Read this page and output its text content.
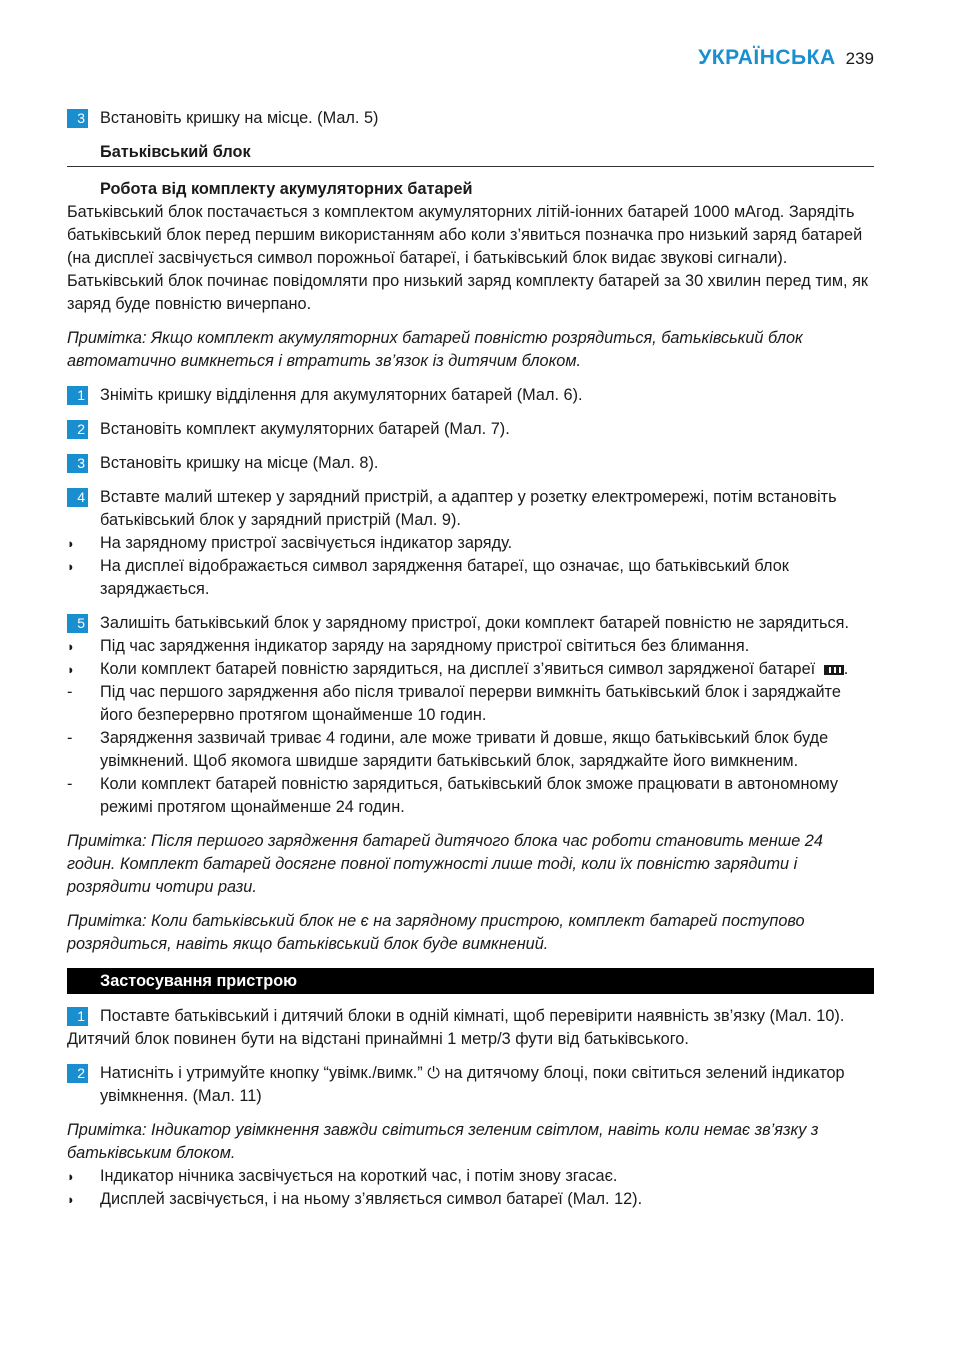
УКРАЇНСЬКА 239
3 Встановіть кришку на місце. (Мал. 5)
Батьківський блок
Робота від комплекту акумуляторних батарей
Батьківський блок постачається з комплектом акумуляторних літій-іонних батарей 1000 мАгод. Зарядіть батьківський блок перед першим використанням або коли з’явиться позначка про низький заряд батарей (на дисплеї засвічується символ порожньої батареї, і батьківський блок видає звукові сигнали). Батьківський блок починає повідомляти про низький заряд комплекту батарей за 30 хвилин перед тим, як заряд буде повністю вичерпано.
Примітка: Якщо комплект акумуляторних батарей повністю розрядиться, батьківський блок автоматично вимкнеться і втратить зв’язок із дитячим блоком.
1 Зніміть кришку відділення для акумуляторних батарей (Мал. 6).
2 Встановіть комплект акумуляторних батарей (Мал. 7).
3 Встановіть кришку на місце (Мал. 8).
4 Вставте малий штекер у зарядний пристрій, а адаптер у розетку електромережі, потім встановіть батьківський блок у зарядний пристрій (Мал. 9).
◗	На зарядному пристрої засвічується індикатор заряду.
◗	На дисплеї відображається символ зарядження батареї, що означає, що батьківський блок заряджається.
5 Залишіть батьківський блок у зарядному пристрої, доки комплект батарей повністю не зарядиться.
◗	Під час зарядження індикатор заряду на зарядному пристрої світиться без блимання.
◗	Коли комплект батарей повністю зарядиться, на дисплеї з’явиться символ зарядженої батареї .
-	Під час першого зарядження або після тривалої перерви вимкніть батьківський блок і заряджайте його безперервно протягом щонайменше 10 годин.
-	Зарядження зазвичай триває 4 години, але може тривати й довше, якщо батьківський блок буде увімкнений. Щоб якомога швидше зарядити батьківський блок, заряджайте його вимкненим.
-	Коли комплект батарей повністю зарядиться, батьківський блок зможе працювати в автономному режимі протягом щонайменше 24 годин.
Примітка: Після першого зарядження батарей дитячого блока час роботи становить менше 24 годин. Комплект батарей досягне повної потужності лише тоді, коли їх повністю зарядити і розрядити чотири рази.
Примітка: Коли батьківський блок не є на зарядному пристрою, комплект батарей поступово розрядиться, навіть якщо батьківський блок буде вимкнений.
Застосування пристрою
1 Поставте батьківський і дитячий блоки в одній кімнаті, щоб перевірити наявність зв’язку (Мал. 10).
Дитячий блок повинен бути на відстані принаймні 1 метр/3 фути від батьківського.
2 Натисніть і утримуйте кнопку “увімк./вимк.” ⏻ на дитячому блоці, поки світиться зелений індикатор увімкнення. (Мал. 11)
Примітка: Індикатор увімкнення завжди світиться зеленим світлом, навіть коли немає зв’язку з батьківським блоком.
◗	Індикатор нічника засвічується на короткий час, і потім знову згасає.
◗	Дисплей засвічується, і на ньому з’являється символ батареї (Мал. 12).
